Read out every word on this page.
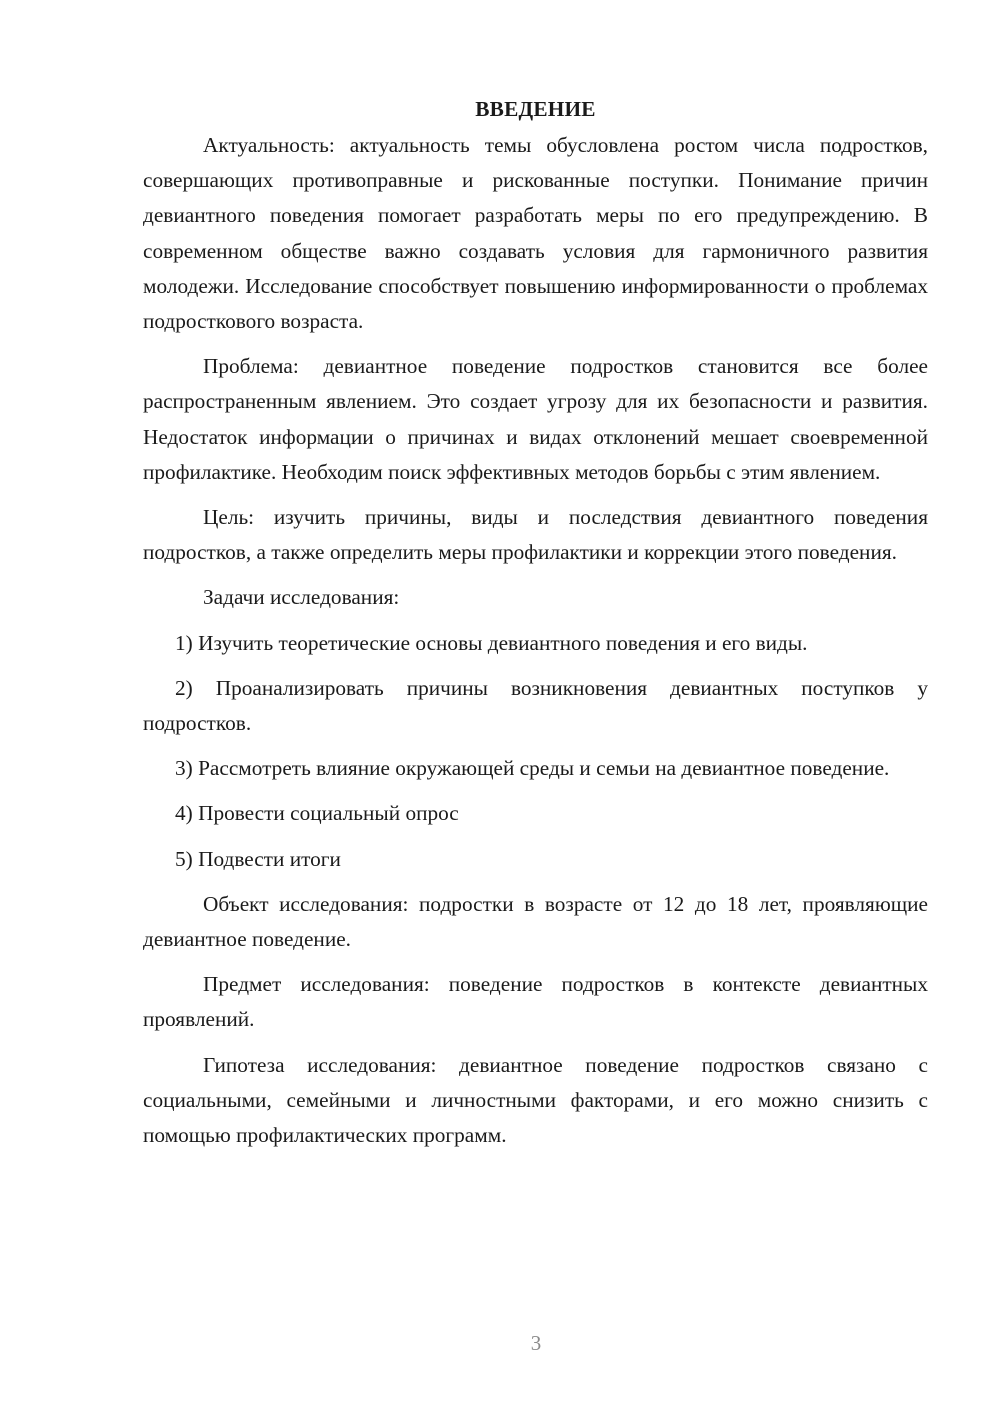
ВВЕДЕНИЕ

Актуальность: актуальность темы обусловлена ростом числа подростков, совершающих противоправные и рискованные поступки. Понимание причин девиантного поведения помогает разработать меры по его предупреждению. В современном обществе важно создавать условия для гармоничного развития молодежи. Исследование способствует повышению информированности о проблемах подросткового возраста.

Проблема: девиантное поведение подростков становится все более распространенным явлением. Это создает угрозу для их безопасности и развития. Недостаток информации о причинах и видах отклонений мешает своевременной профилактике. Необходим поиск эффективных методов борьбы с этим явлением.

Цель: изучить причины, виды и последствия девиантного поведения подростков, а также определить меры профилактики и коррекции этого поведения.

Задачи исследования:

1) Изучить теоретические основы девиантного поведения и его виды.

2) Проанализировать причины возникновения девиантных поступков у подростков.

3) Рассмотреть влияние окружающей среды и семьи на девиантное поведение.

4) Провести социальный опрос

5) Подвести итоги

Объект исследования: подростки в возрасте от 12 до 18 лет, проявляющие девиантное поведение.

Предмет исследования: поведение подростков в контексте девиантных проявлений.

Гипотеза исследования: девиантное поведение подростков связано с социальными, семейными и личностными факторами, и его можно снизить с помощью профилактических программ.

3
